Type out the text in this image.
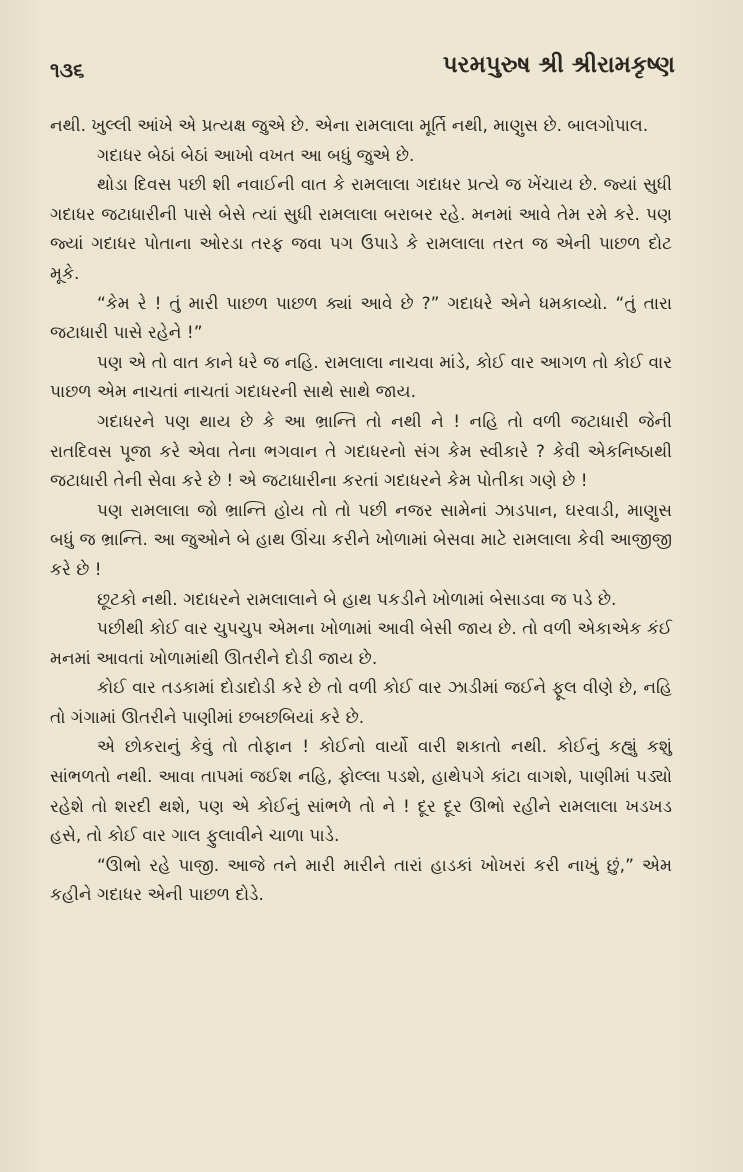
૧૩૬	પરમપુરુષ શ્રી શ્રીરામકૃષ્ણ

નથી. ખુલ્લી આંખે એ પ્રત્યક્ષ જુએ છે. એના રામલાલા મૂર્તિ નથી, માણુસ છે. બાલગોપાલ.

ગદાધર બેઠાં બેઠાં આખો વખત આ બધું જુએ છે.

થોડા દિવસ પછી શી નવાઈની વાત કે રામલાલા ગદાધર પ્રત્યે જ ખેંચાય છે. જ્યાં સુધી ગદાધર જટાધારીની પાસે બેસે ત્યાં સુધી રામલાલા બરાબર રહે. મનમાં આવે તેમ રમે કરે. પણ જ્યાં ગદાધર પોતાના ઓરડા તરફ જવા પગ ઉપાડે કે રામલાલા તરત જ એની પાછળ દોટ મૂકે.

“કેમ રે ! તું મારી પાછળ પાછળ ક્યાં આવે છે ?” ગદાધરે એને ધમકાવ્યો. “તું તારા જટાધારી પાસે રહેને !”

પણ એ તો વાત કાને ધરે જ નહિ. રામલાલા નાચવા માંડે, કોઈ વાર આગળ તો કોઈ વાર પાછળ એમ નાચતાં નાચતાં ગદાધરની સાથે સાથે જાય.

ગદાધરને પણ થાય છે કે આ ભ્રાન્તિ તો નથી ને ! નહિ તો વળી જટાધારી જેની રાતદિવસ પૂજા કરે એવા તેના ભગવાન તે ગદાધરનો સંગ કેમ સ્વીકારે ? કેવી એકનિષ્ઠાથી જટાધારી તેની સેવા કરે છે ! એ જટાધારીના કરતાં ગદાધરને કેમ પોતીકા ગણે છે !

પણ રામલાલા જો ભ્રાન્તિ હોય તો તો પછી નજર સામેનાં ઝાડપાન, ઘરવાડી, માણુસ બધું જ ભ્રાન્તિ. આ જુઓને બે હાથ ઊંચા કરીને ખોળામાં બેસવા માટે રામલાલા કેવી આજીજી કરે છે !

છૂટકો નથી. ગદાધરને રામલાલાને બે હાથ પકડીને ખોળામાં બેસાડવા જ પડે છે.

પછીથી કોઈ વાર ચુપચુપ એમના ખોળામાં આવી બેસી જાય છે. તો વળી એકાએક કંઈ મનમાં આવતાં ખોળામાંથી ઊતરીને દોડી જાય છે.

કોઈ વાર તડકામાં દોડાદોડી કરે છે તો વળી કોઈ વાર ઝાડીમાં જઈને ફૂલ વીણે છે, નહિ તો ગંગામાં ઊતરીને પાણીમાં છબછબિયાં કરે છે.

એ છોકરાનું કેવું તો તોફાન ! કોઈનો વાર્યો વારી શકાતો નથી. કોઈનું કહ્યું કશું સાંભળતો નથી. આવા તાપમાં જઈશ નહિ, ફોલ્લા પડશે, હાથેપગે કાંટા વાગશે, પાણીમાં પડ્યો રહેશે તો શરદી થશે, પણ એ કોઈનું સાંભળે તો ને ! દૂર દૂર ઊભો રહીને રામલાલા ખડખડ હસે, તો કોઈ વાર ગાલ ફુલાવીને ચાળા પાડે.

“ઊભો રહે પાજી. આજે તને મારી મારીને તારાં હાડકાં ખોખરાં કરી નાખું છું,” એમ કહીને ગદાધર એની પાછળ દોડે.
